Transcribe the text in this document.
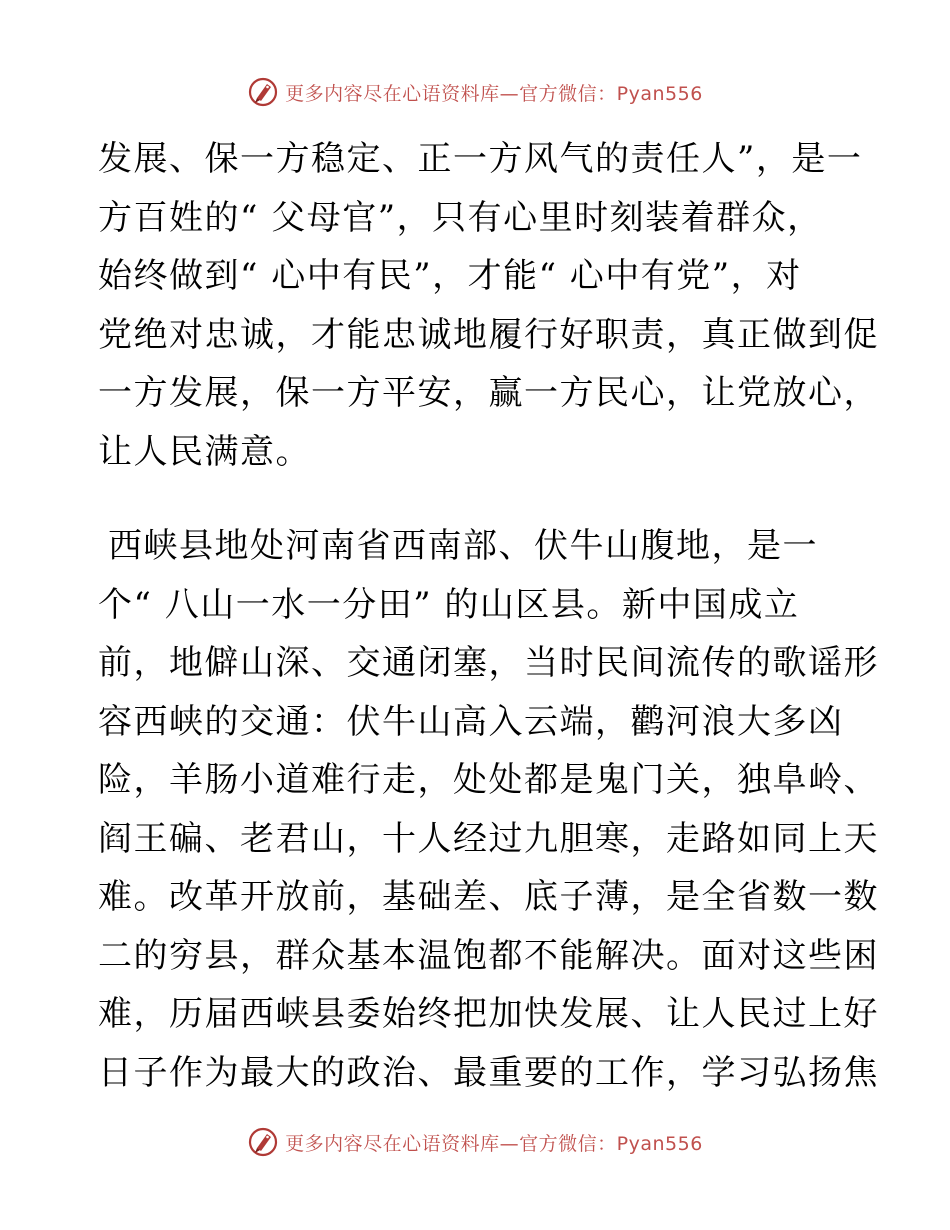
更多内容尽在心语资料库—官方微信：Pyan556
发展、保一方稳定、正一方风气的责任人”，是一
方百姓的“ 父母官”，只有心里时刻装着群众，
始终做到“ 心中有民”，才能“ 心中有党”，对
党绝对忠诚，才能忠诚地履行好职责，真正做到促
一方发展，保一方平安，赢一方民心，让党放心，
让人民满意。
西峡县地处河南省西南部、伏牛山腹地，是一
个“ 八山一水一分田” 的山区县。新中国成立
前，地僻山深、交通闭塞，当时民间流传的歌谣形
容西峡的交通：伏牛山高入云端，鹳河浪大多凶
险，羊肠小道难行走，处处都是鬼门关，独阜岭、
阎王碥、老君山，十人经过九胆寒，走路如同上天
难。改革开放前，基础差、底子薄，是全省数一数
二的穷县，群众基本温饱都不能解决。面对这些困
难，历届西峡县委始终把加快发展、让人民过上好
日子作为最大的政治、最重要的工作，学习弘扬焦
更多内容尽在心语资料库—官方微信：Pyan556
